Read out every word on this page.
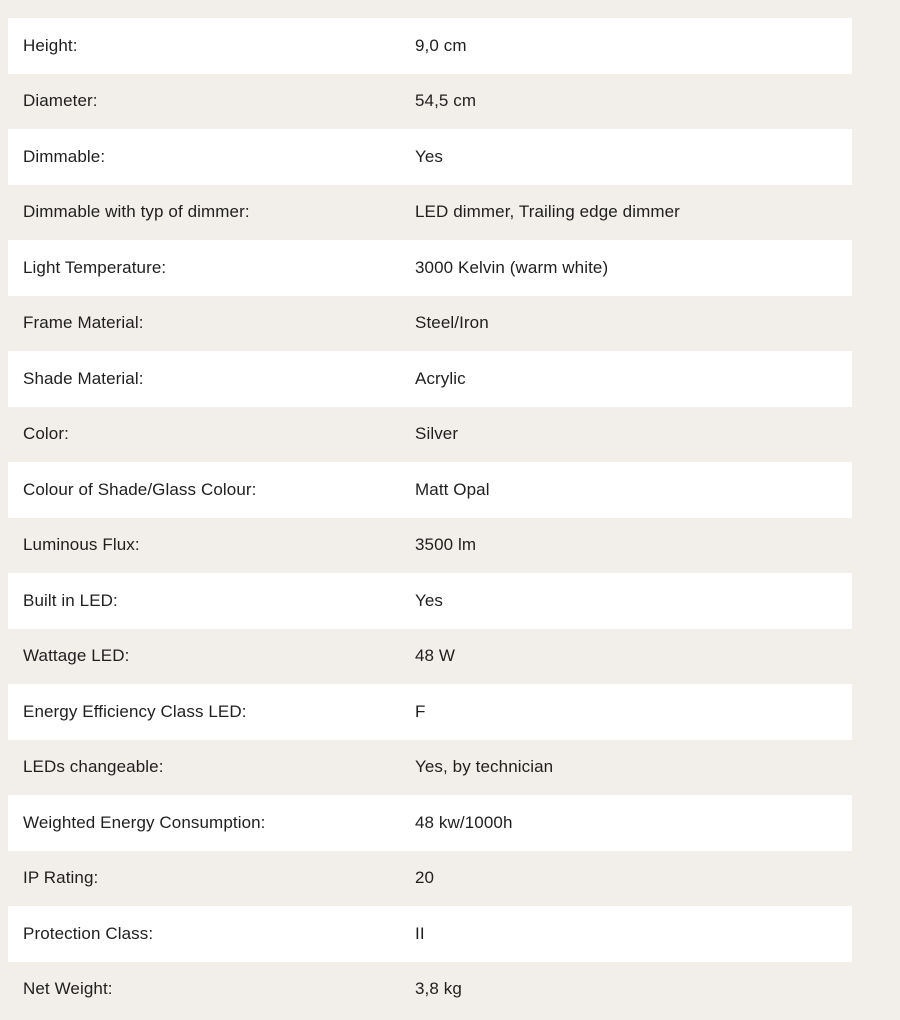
Height:	9,0 cm
Diameter:	54,5 cm
Dimmable:	Yes
Dimmable with typ of dimmer:	LED dimmer, Trailing edge dimmer
Light Temperature:	3000 Kelvin (warm white)
Frame Material:	Steel/Iron
Shade Material:	Acrylic
Color:	Silver
Colour of Shade/Glass Colour:	Matt Opal
Luminous Flux:	3500 lm
Built in LED:	Yes
Wattage LED:	48 W
Energy Efficiency Class LED:	F
LEDs changeable:	Yes, by technician
Weighted Energy Consumption:	48 kw/1000h
IP Rating:	20
Protection Class:	II
Net Weight:	3,8 kg
